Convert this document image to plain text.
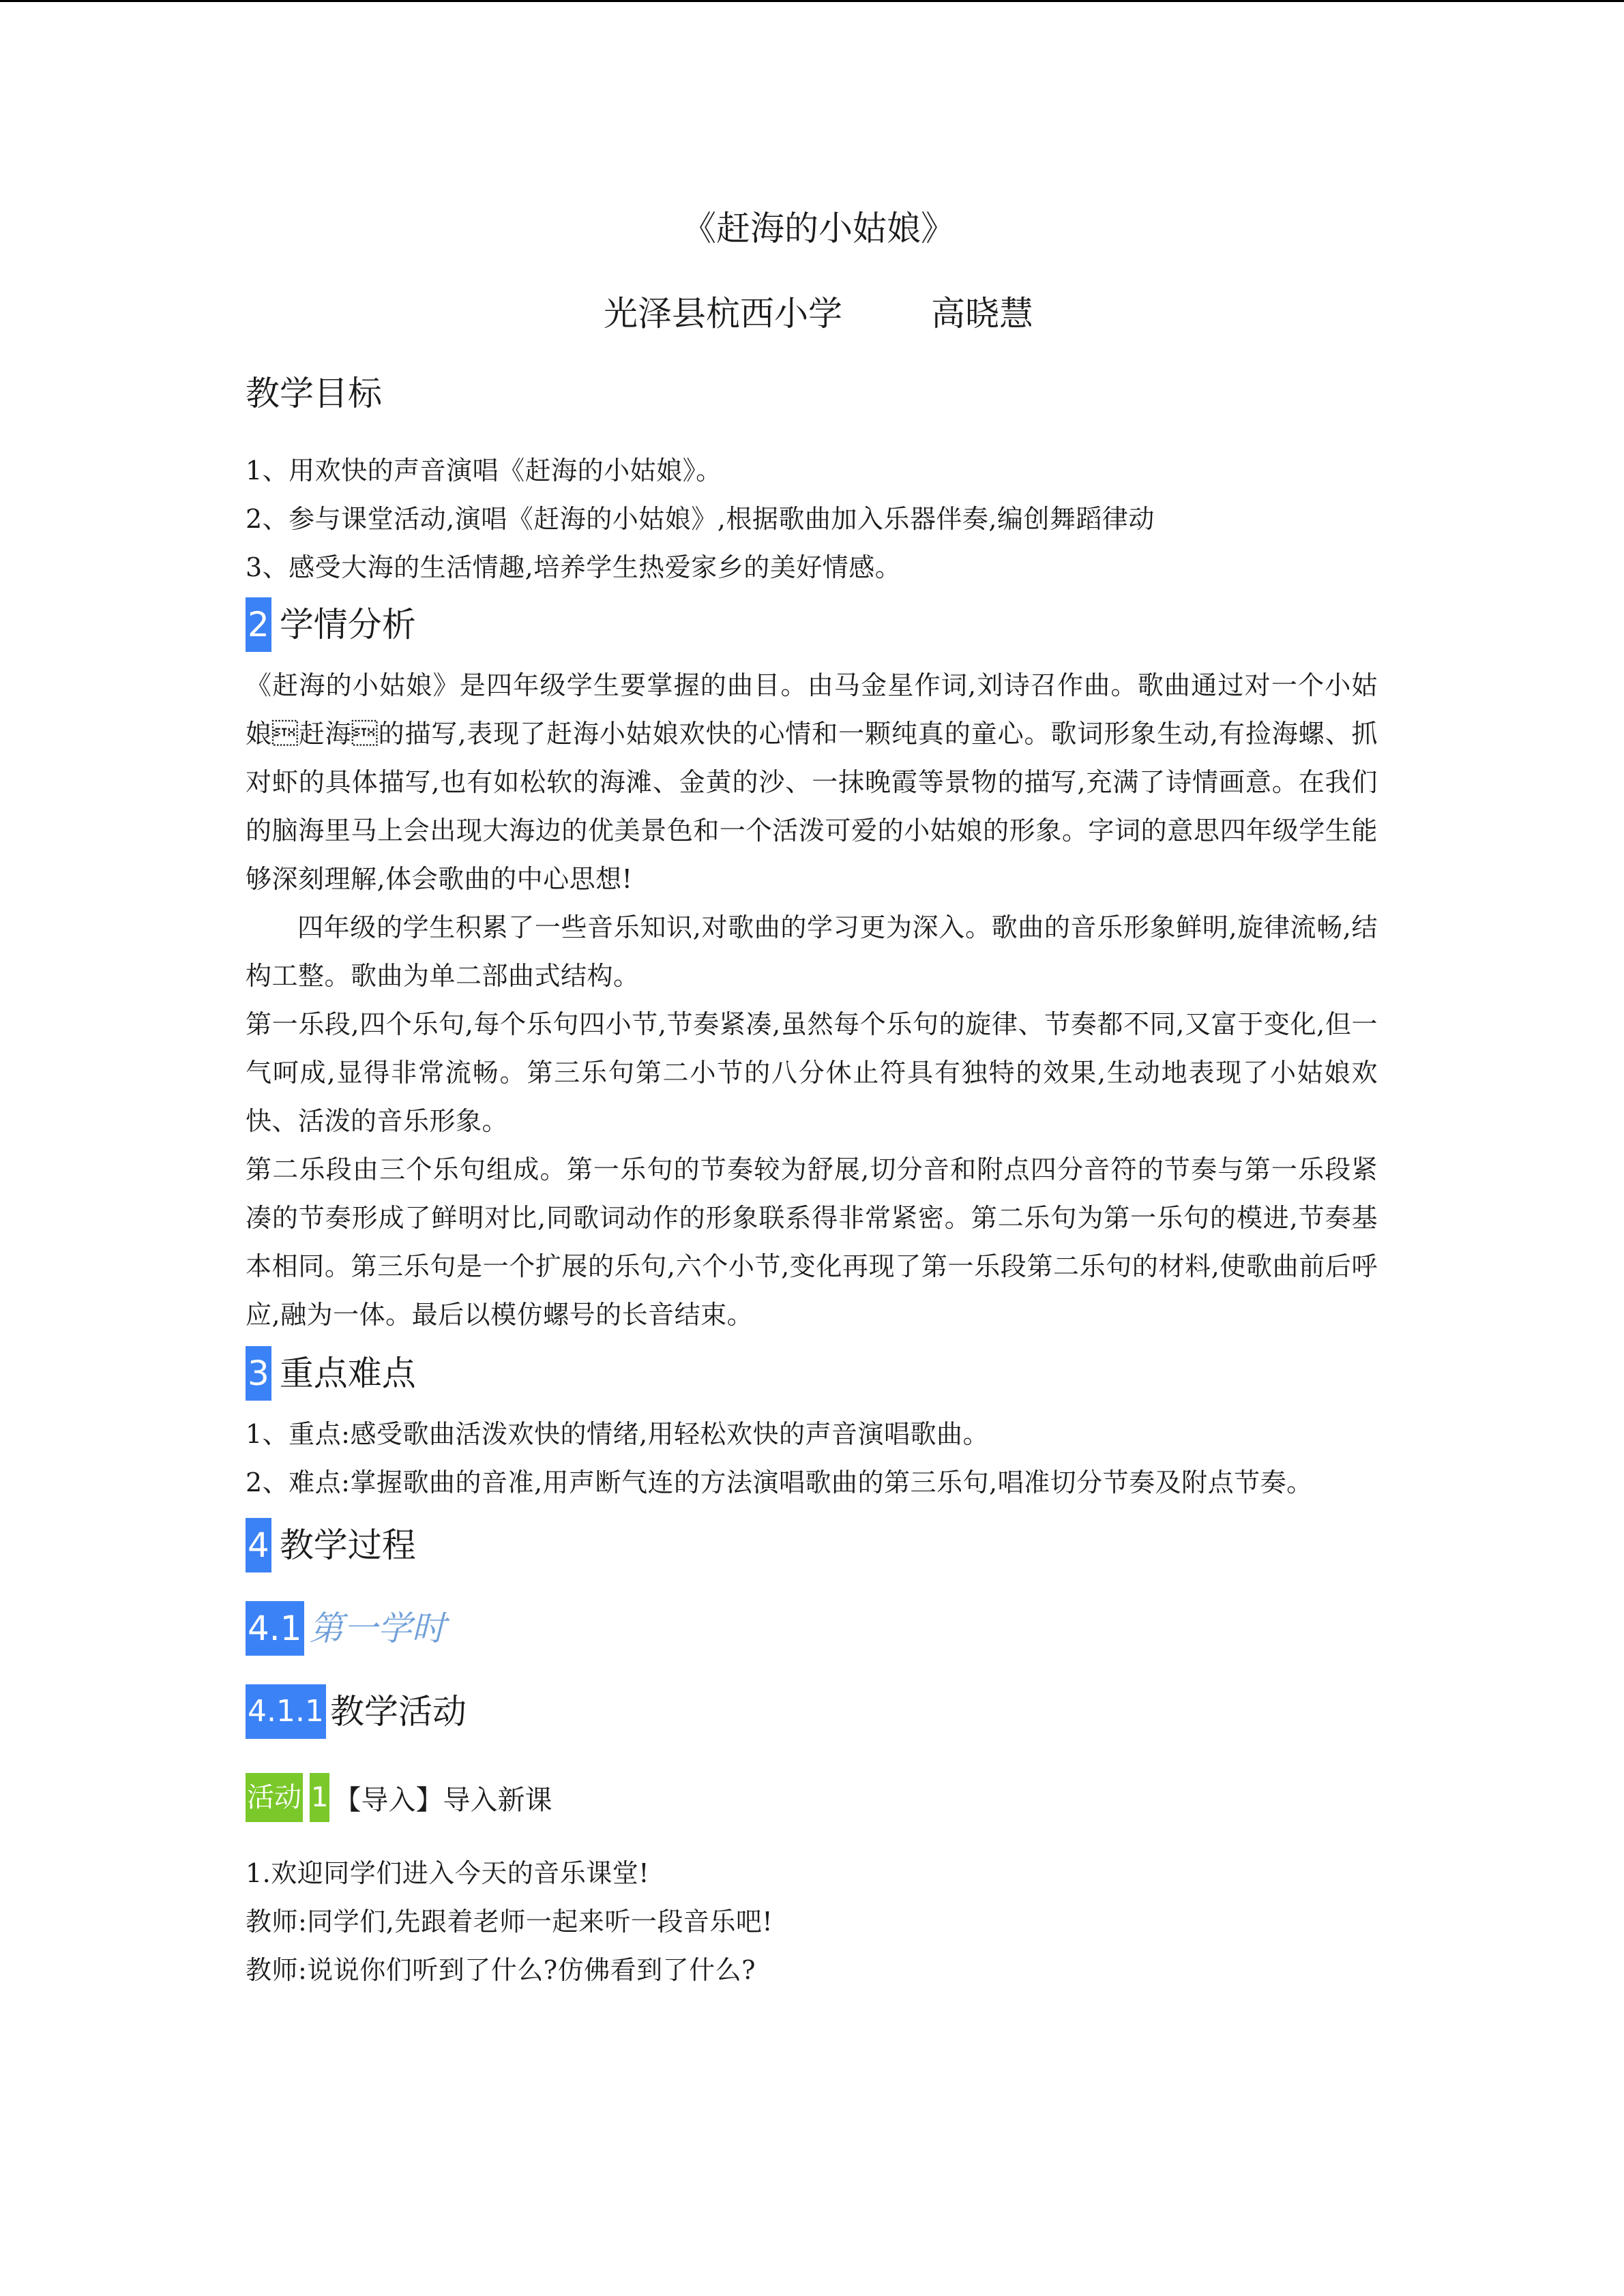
《赶海的小姑娘》
光泽县杭西小学	高晓慧
教学目标

1、用欢快的声音演唱《赶海的小姑娘》。

2、参与课堂活动,演唱《赶海的小姑娘》,根据歌曲加入乐器伴奏,编创舞蹈律动

3、感受大海的生活情趣,培养学生热爱家乡的美好情感。

2 学情分析

《赶海的小姑娘》是四年级学生要掌握的曲目。由马金星作词,刘诗召作曲。歌曲通过对一个小姑娘赶海的描写,表现了赶海小姑娘欢快的心情和一颗纯真的童心。歌词形象生动,有捡海螺、抓对虾的具体描写,也有如松软的海滩、金黄的沙、一抹晚霞等景物的描写,充满了诗情画意。在我们的脑海里马上会出现大海边的优美景色和一个活泼可爱的小姑娘的形象。字词的意思四年级学生能够深刻理解,体会歌曲的中心思想!

四年级的学生积累了一些音乐知识,对歌曲的学习更为深入。歌曲的音乐形象鲜明,旋律流畅,结构工整。歌曲为单二部曲式结构。

第一乐段,四个乐句,每个乐句四小节,节奏紧凑,虽然每个乐句的旋律、节奏都不同,又富于变化,但一气呵成,显得非常流畅。第三乐句第二小节的八分休止符具有独特的效果,生动地表现了小姑娘欢快、活泼的音乐形象。

第二乐段由三个乐句组成。第一乐句的节奏较为舒展,切分音和附点四分音符的节奏与第一乐段紧凑的节奏形成了鲜明对比,同歌词动作的形象联系得非常紧密。第二乐句为第一乐句的模进,节奏基本相同。第三乐句是一个扩展的乐句,六个小节,变化再现了第一乐段第二乐句的材料,使歌曲前后呼应,融为一体。最后以模仿螺号的长音结束。

3 重点难点

1、重点:感受歌曲活泼欢快的情绪,用轻松欢快的声音演唱歌曲。

2、难点:掌握歌曲的音准,用声断气连的方法演唱歌曲的第三乐句,唱准切分节奏及附点节奏。

4 教学过程
4.1 第一学时
4.1.1 教学活动
活动 1 【导入】导入新课

1.欢迎同学们进入今天的音乐课堂!

教师:同学们,先跟着老师一起来听一段音乐吧!

教师:说说你们听到了什么?仿佛看到了什么?
